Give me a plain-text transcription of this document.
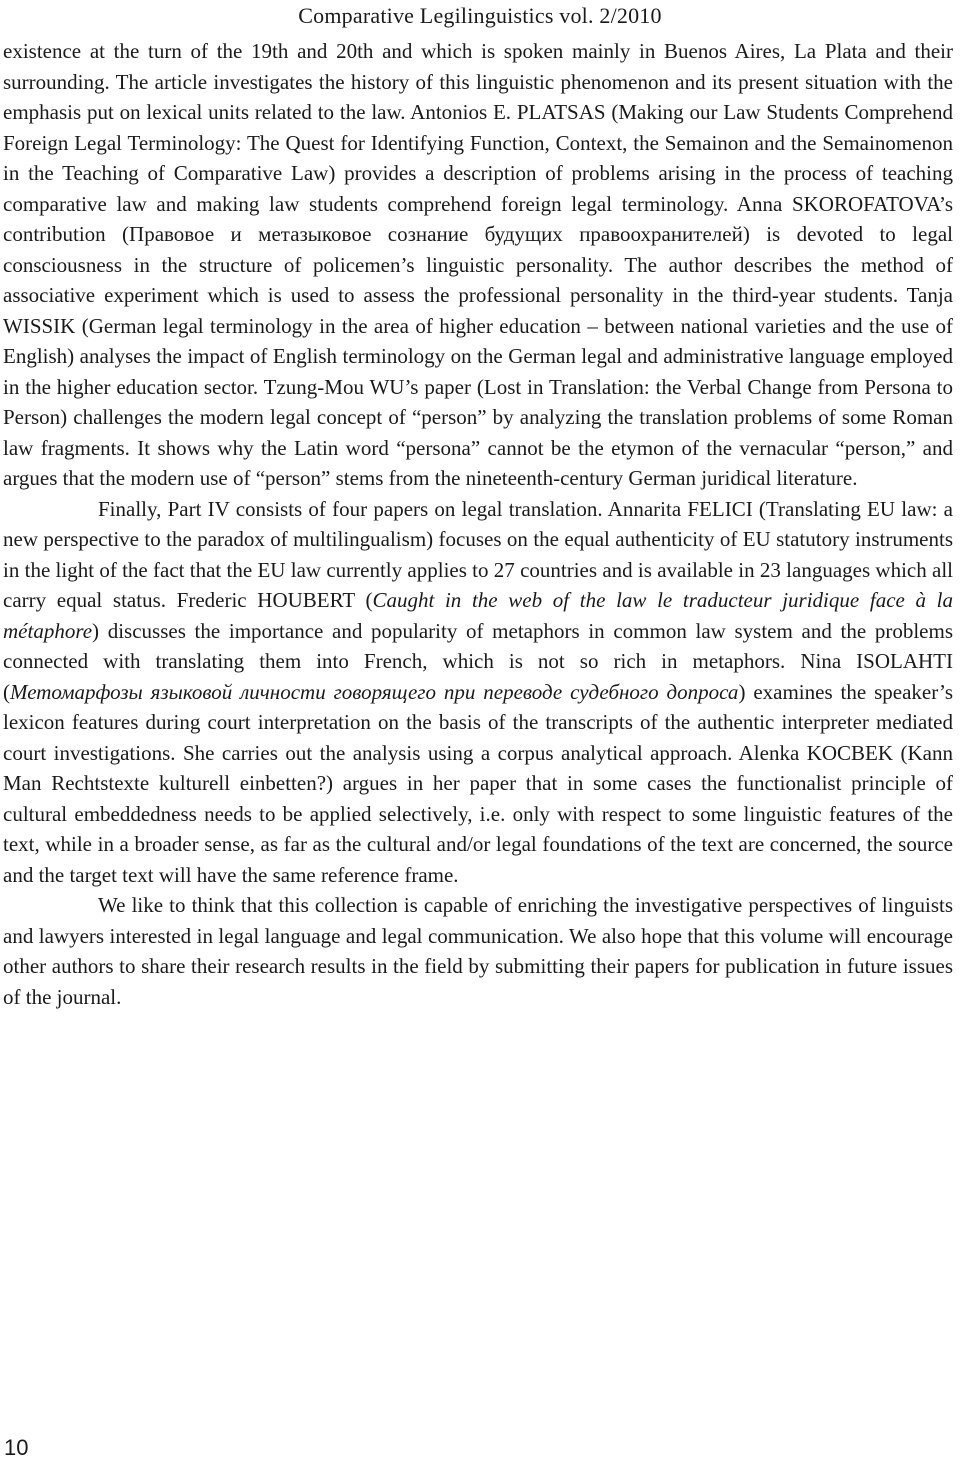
Comparative Legilinguistics vol. 2/2010

existence at the turn of the 19th and 20th and which is spoken mainly in Buenos Aires, La Plata and their surrounding. The article investigates the history of this linguistic phenomenon and its present situation with the emphasis put on lexical units related to the law. Antonios E. PLATSAS (Making our Law Students Comprehend Foreign Legal Terminology: The Quest for Identifying Function, Context, the Semainon and the Semainomenon in the Teaching of Comparative Law) provides a description of problems arising in the process of teaching comparative law and making law students comprehend foreign legal terminology. Anna SKOROFATOVA’s contribution (Правовое и метазыковое сознание будущих правоохранителей) is devoted to legal consciousness in the structure of policemen’s linguistic personality. The author describes the method of associative experiment which is used to assess the professional personality in the third-year students. Tanja WISSIK (German legal terminology in the area of higher education – between national varieties and the use of English) analyses the impact of English terminology on the German legal and administrative language employed in the higher education sector. Tzung-Mou WU’s paper (Lost in Translation: the Verbal Change from Persona to Person) challenges the modern legal concept of “person” by analyzing the translation problems of some Roman law fragments. It shows why the Latin word “persona” cannot be the etymon of the vernacular “person,” and argues that the modern use of “person” stems from the nineteenth-century German juridical literature.

Finally, Part IV consists of four papers on legal translation. Annarita FELICI (Translating EU law: a new perspective to the paradox of multilingualism) focuses on the equal authenticity of EU statutory instruments in the light of the fact that the EU law currently applies to 27 countries and is available in 23 languages which all carry equal status. Frederic HOUBERT (Caught in the web of the law le traducteur juridique face à la métaphore) discusses the importance and popularity of metaphors in common law system and the problems connected with translating them into French, which is not so rich in metaphors. Nina ISOLAHTI (Метомарфозы языковой личности говорящего при переводе судебного допроса) examines the speaker’s lexicon features during court interpretation on the basis of the transcripts of the authentic interpreter mediated court investigations. She carries out the analysis using a corpus analytical approach. Alenka KOCBEK (Kann Man Rechtstexte kulturell einbetten?) argues in her paper that in some cases the functionalist principle of cultural embeddedness needs to be applied selectively, i.e. only with respect to some linguistic features of the text, while in a broader sense, as far as the cultural and/or legal foundations of the text are concerned, the source and the target text will have the same reference frame.

We like to think that this collection is capable of enriching the investigative perspectives of linguists and lawyers interested in legal language and legal communication. We also hope that this volume will encourage other authors to share their research results in the field by submitting their papers for publication in future issues of the journal.

10
